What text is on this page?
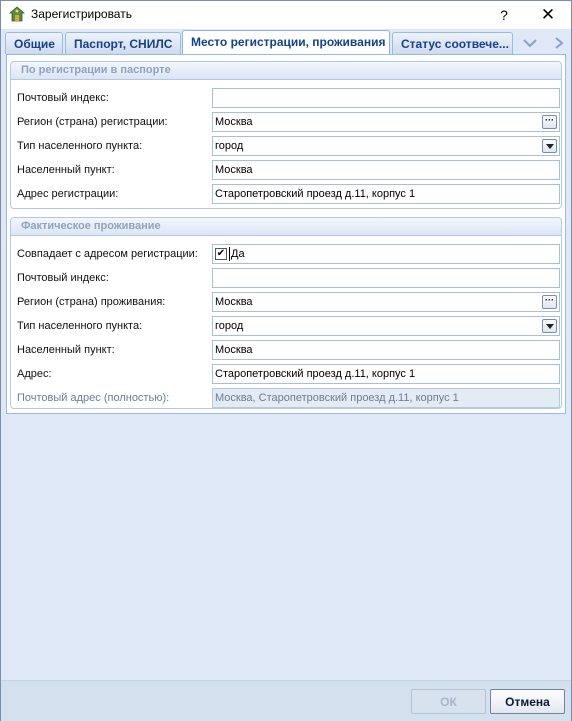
Зарегистрировать	?	✕
Общие	Паспорт, СНИЛС	Место регистрации, проживания	Статус соотвече...
По регистрации в паспорте
Почтовый индекс:
Регион (страна) регистрации:	Москва	···
Тип населенного пункта:	город
Населенный пункт:	Москва
Адрес регистрации:	Старопетровский проезд д.11, корпус 1
Фактическое проживание
Совпадает с адресом регистрации: ✔ Да
Почтовый индекс:
Регион (страна) проживания:	Москва	···
Тип населенного пункта:	город
Населенный пункт:	Москва
Адрес:	Старопетровский проезд д.11, корпус 1
Почтовый адрес (полностью):	Москва, Старопетровский проезд д.11, корпус 1
ОК	Отмена
